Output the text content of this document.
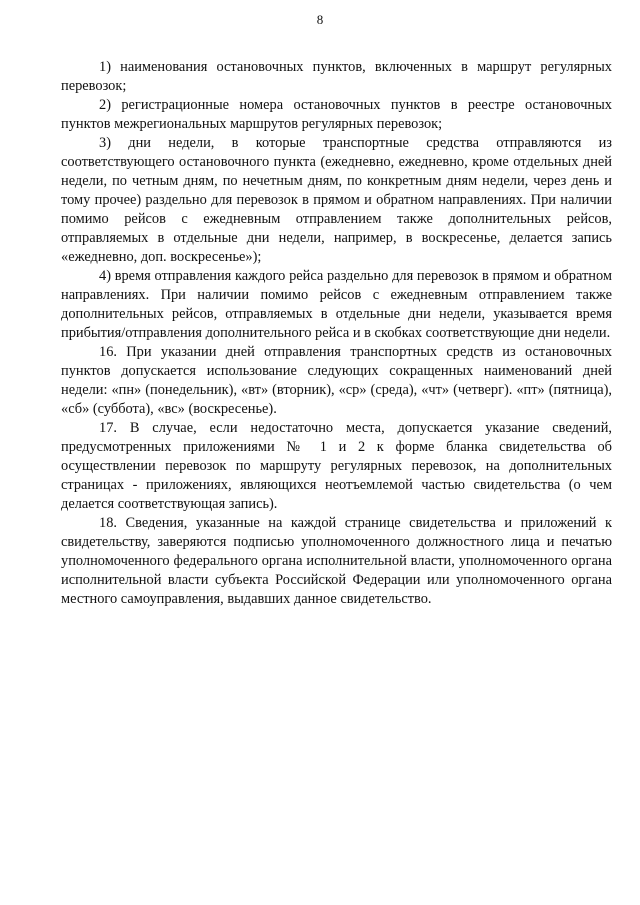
8

1) наименования остановочных пунктов, включенных в маршрут регулярных перевозок;

2) регистрационные номера остановочных пунктов в реестре остановочных пунктов межрегиональных маршрутов регулярных перевозок;

3) дни недели, в которые транспортные средства отправляются из соответствующего остановочного пункта (ежедневно, ежедневно, кроме отдельных дней недели, по четным дням, по нечетным дням, по конкретным дням недели, через день и тому прочее) раздельно для перевозок в прямом и обратном направлениях. При наличии помимо рейсов с ежедневным отправлением также дополнительных рейсов, отправляемых в отдельные дни недели, например, в воскресенье, делается запись «ежедневно, доп. воскресенье»);

4) время отправления каждого рейса раздельно для перевозок в прямом и обратном направлениях. При наличии помимо рейсов с ежедневным отправлением также дополнительных рейсов, отправляемых в отдельные дни недели, указывается время прибытия/отправления дополнительного рейса и в скобках соответствующие дни недели.

16. При указании дней отправления транспортных средств из остановочных пунктов допускается использование следующих сокращенных наименований дней недели: «пн» (понедельник), «вт» (вторник), «ср» (среда), «чт» (четверг). «пт» (пятница), «сб» (суббота), «вс» (воскресенье).

17. В случае, если недостаточно места, допускается указание сведений, предусмотренных приложениями № 1 и 2 к форме бланка свидетельства об осуществлении перевозок по маршруту регулярных перевозок, на дополнительных страницах - приложениях, являющихся неотъемлемой частью свидетельства (о чем делается соответствующая запись).

18. Сведения, указанные на каждой странице свидетельства и приложений к свидетельству, заверяются подписью уполномоченного должностного лица и печатью уполномоченного федерального органа исполнительной власти, уполномоченного органа исполнительной власти субъекта Российской Федерации или уполномоченного органа местного самоуправления, выдавших данное свидетельство.
